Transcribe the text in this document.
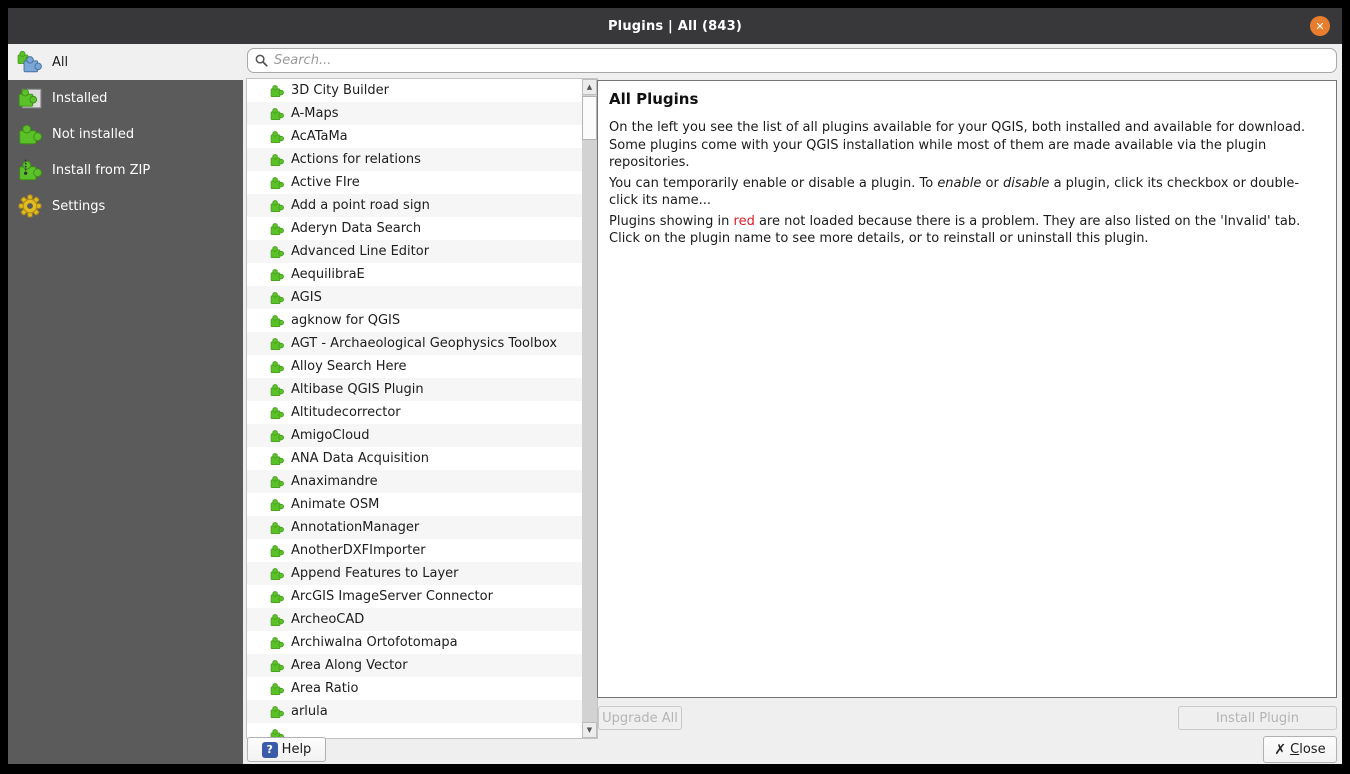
Plugins | All (843)	✕
All
Installed
Not installed
Install from ZIP
Settings
Search...
3D City Builder
A-Maps
AcATaMa
Actions for relations
Active FIre
Add a point road sign
Aderyn Data Search
Advanced Line Editor
AequilibraE
AGIS
agknow for QGIS
AGT - Archaeological Geophysics Toolbox
Alloy Search Here
Altibase QGIS Plugin
Altitudecorrector
AmigoCloud
ANA Data Acquisition
Anaximandre
Animate OSM
AnnotationManager
AnotherDXFImporter
Append Features to Layer
ArcGIS ImageServer Connector
ArcheoCAD
Archiwalna Ortofotomapa
Area Along Vector
Area Ratio
arlula
▲
▼
All Plugins

On the left you see the list of all plugins available for your QGIS, both installed and available for download. Some plugins come with your QGIS installation while most of them are made available via the plugin repositories.

You can temporarily enable or disable a plugin. To enable or disable a plugin, click its checkbox or double-click its name...

Plugins showing in red are not loaded because there is a problem. They are also listed on the 'Invalid' tab. Click on the plugin name to see more details, or to reinstall or uninstall this plugin.

Upgrade All	Install Plugin
? Help	✗ Close
